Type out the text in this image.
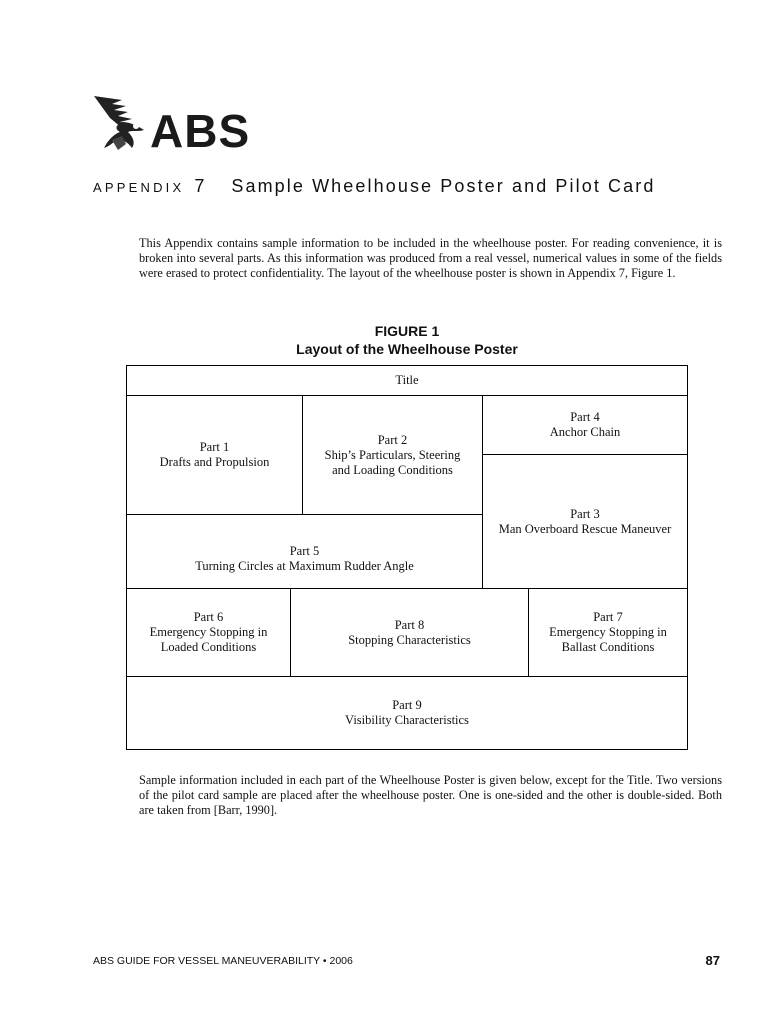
ABS
APPENDIX 7 Sample Wheelhouse Poster and Pilot Card
This Appendix contains sample information to be included in the wheelhouse poster. For reading convenience, it is broken into several parts. As this information was produced from a real vessel, numerical values in some of the fields were erased to protect confidentiality. The layout of the wheelhouse poster is shown in Appendix 7, Figure 1.
FIGURE 1
Layout of the Wheelhouse Poster
Title
Part 1
Drafts and Propulsion
Part 2
Ship’s Particulars, Steering
and Loading Conditions
Part 4
Anchor Chain
Part 3
Man Overboard Rescue Maneuver
Part 5
Turning Circles at Maximum Rudder Angle
Part 6
Emergency Stopping in
Loaded Conditions
Part 8
Stopping Characteristics
Part 7
Emergency Stopping in
Ballast Conditions
Part 9
Visibility Characteristics
Sample information included in each part of the Wheelhouse Poster is given below, except for the Title. Two versions of the pilot card sample are placed after the wheelhouse poster. One is one-sided and the other is double-sided. Both are taken from [Barr, 1990].
ABS GUIDE FOR VESSEL MANEUVERABILITY • 2006	87
